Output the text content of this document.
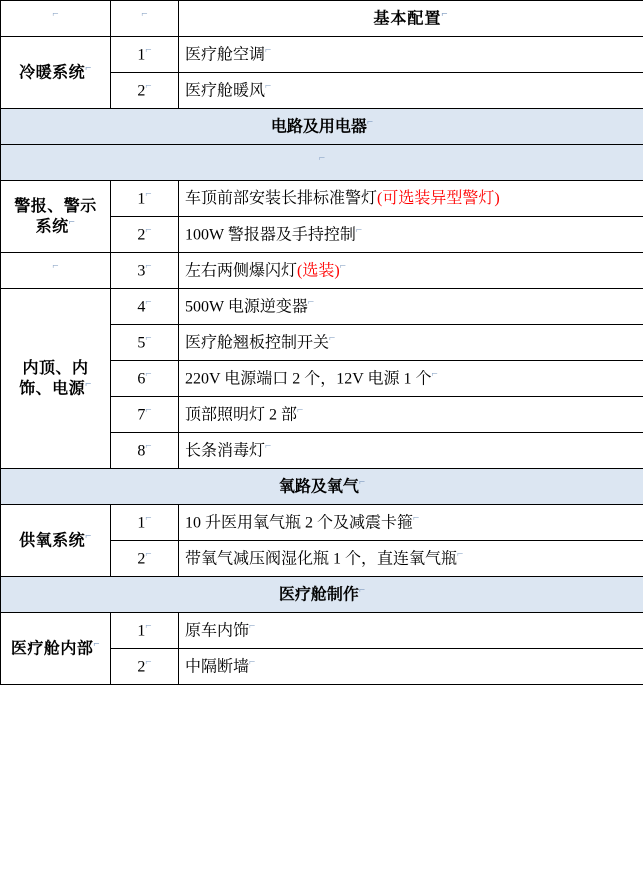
⌐	⌐	基本配置⌐
冷暖系统⌐	1⌐	医疗舱空调⌐
	2⌐	医疗舱暖风⌐
电路及用电器⌐
⌐
警报、警示系统⌐	1⌐	车顶前部安装长排标准警灯(可选装异型警灯)
	2⌐	100W 警报器及手持控制⌐
⌐	3⌐	左右两侧爆闪灯(选装)⌐
内顶、内饰、电源⌐	4⌐	500W 电源逆变器⌐
	5⌐	医疗舱翘板控制开关⌐
	6⌐	220V 电源端口 2 个，12V 电源 1 个⌐
	7⌐	顶部照明灯 2 部⌐
	8⌐	长条消毒灯⌐
氧路及氧气⌐
供氧系统⌐	1⌐	10 升医用氧气瓶 2 个及减震卡箍⌐
	2⌐	带氧气减压阀湿化瓶 1 个，直连氧气瓶⌐
医疗舱制作⌐
医疗舱内部⌐	1⌐	原车内饰⌐
	2⌐	中隔断墙⌐
